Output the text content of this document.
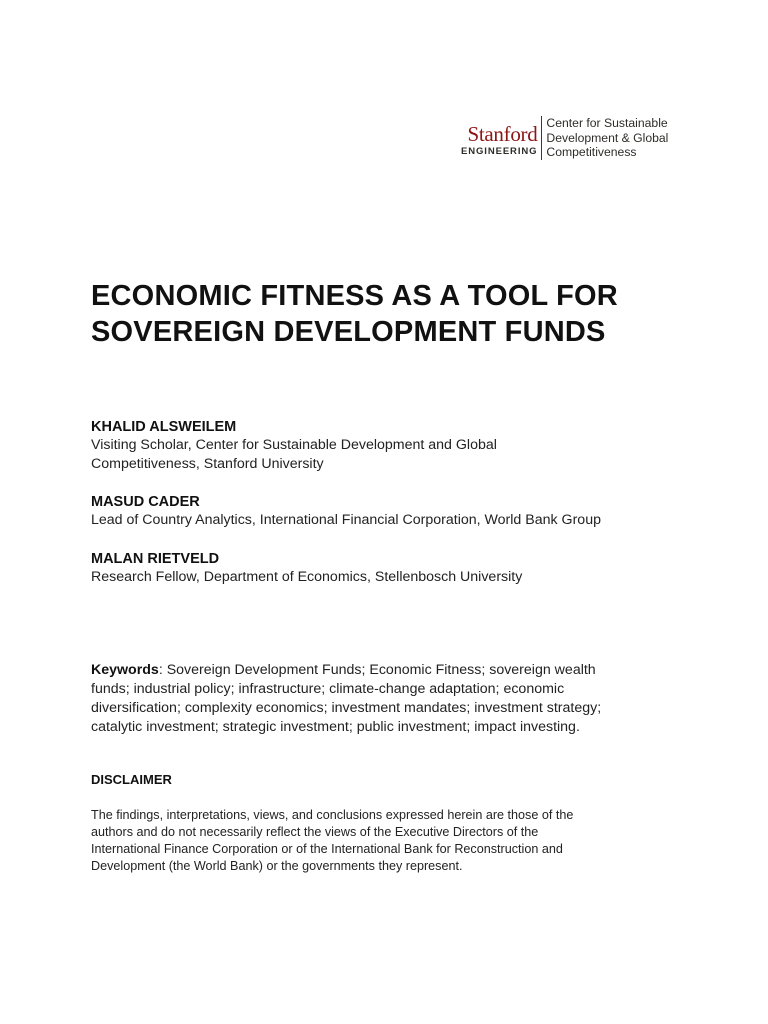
Stanford
ENGINEERING
Center for Sustainable
Development & Global
Competitiveness
ECONOMIC FITNESS AS A TOOL FOR
SOVEREIGN DEVELOPMENT FUNDS
KHALID ALSWEILEM
Visiting Scholar, Center for Sustainable Development and Global
Competitiveness, Stanford University
MASUD CADER
Lead of Country Analytics, International Financial Corporation, World Bank Group
MALAN RIETVELD
Research Fellow, Department of Economics, Stellenbosch University
Keywords: Sovereign Development Funds; Economic Fitness; sovereign wealth
funds; industrial policy; infrastructure; climate-change adaptation; economic
diversification; complexity economics; investment mandates; investment strategy;
catalytic investment; strategic investment; public investment; impact investing.
DISCLAIMER
The findings, interpretations, views, and conclusions expressed herein are those of the
authors and do not necessarily reflect the views of the Executive Directors of the
International Finance Corporation or of the International Bank for Reconstruction and
Development (the World Bank) or the governments they represent.
